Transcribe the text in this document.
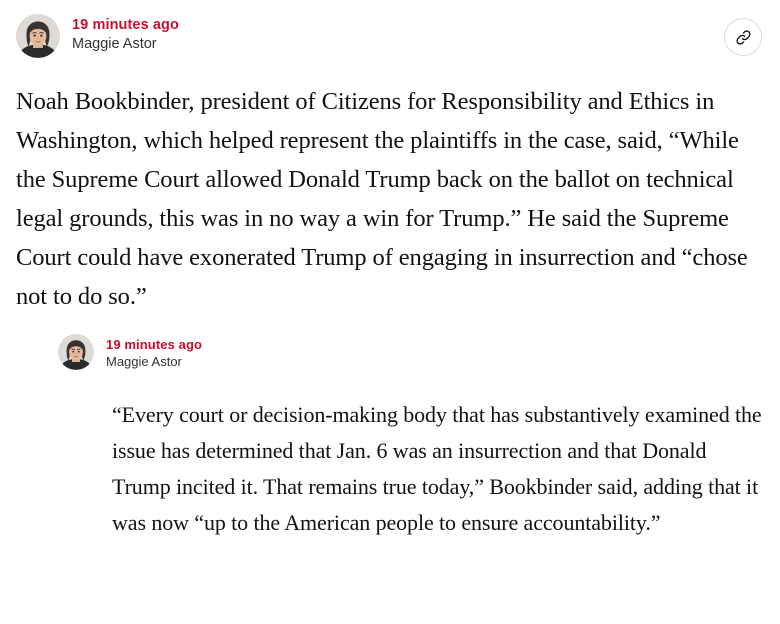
19 minutes ago
Maggie Astor

Noah Bookbinder, president of Citizens for Responsibility and Ethics in Washington, which helped represent the plaintiffs in the case, said, “While the Supreme Court allowed Donald Trump back on the ballot on technical legal grounds, this was in no way a win for Trump.” He said the Supreme Court could have exonerated Trump of engaging in insurrection and “chose not to do so.”

19 minutes ago
Maggie Astor

“Every court or decision-making body that has substantively examined the issue has determined that Jan. 6 was an insurrection and that Donald Trump incited it. That remains true today,” Bookbinder said, adding that it was now “up to the American people to ensure accountability.”
